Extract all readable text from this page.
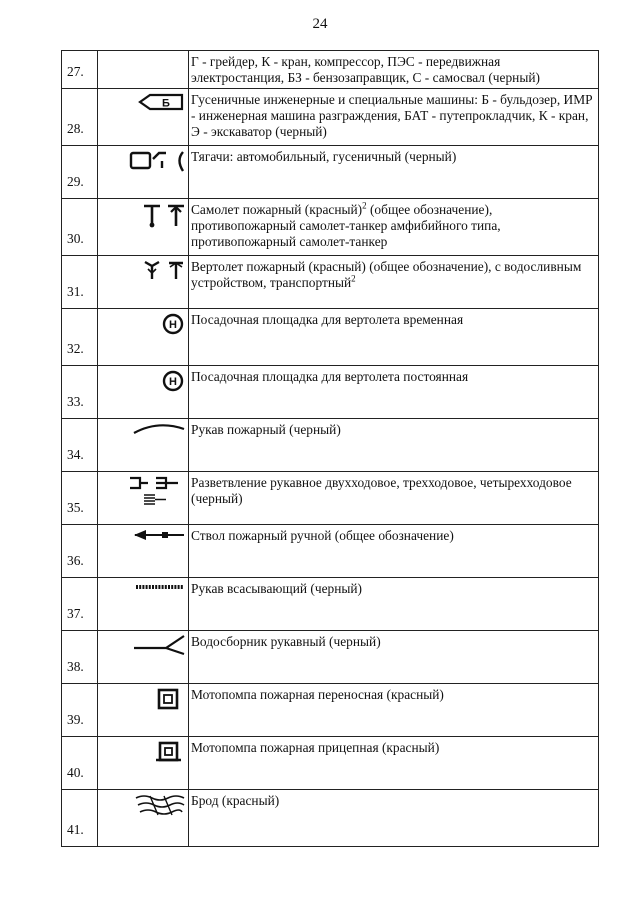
24
27.		Г - грейдер, К - кран, компрессор, ПЭС - передвижная электростанция, БЗ - бензозаправщик, С - самосвал (черный)
28.	Б	Гусеничные инженерные и специальные машины: Б - бульдозер, ИМР - инженерная машина разграждения, БАТ - путепрокладчик, К - кран, Э - экскаватор (черный)
29.		Тягачи: автомобильный, гусеничный (черный)
30.		Самолет пожарный (красный)$^2$ (общее обозначение), противопожарный самолет-танкер амфибийного типа, противопожарный самолет-танкер
31.		Вертолет пожарный (красный) (общее обозначение), с водосливным устройством, транспортный$^2$
32.	H	Посадочная площадка для вертолета временная
33.	H	Посадочная площадка для вертолета постоянная
34.		Рукав пожарный (черный)
35.		Разветвление рукавное двухходовое, трехходовое, четырехходовое (черный)
36.		Ствол пожарный ручной (общее обозначение)
37.		Рукав всасывающий (черный)
38.		Водосборник рукавный (черный)
39.		Мотопомпа пожарная переносная (красный)
40.		Мотопомпа пожарная прицепная (красный)
41.		Брод (красный)
